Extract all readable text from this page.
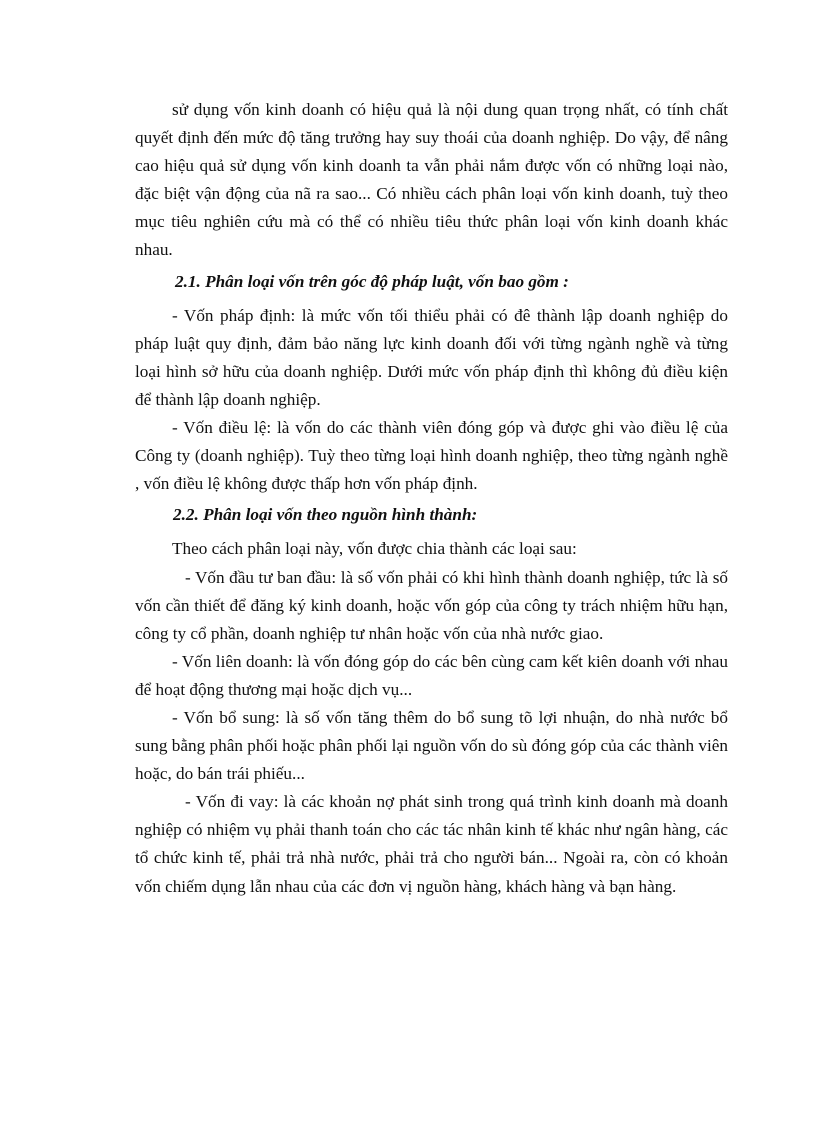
sử dụng vốn kinh doanh có hiệu quả là nội dung quan trọng nhất, có tính chất quyết định đến mức độ tăng trưởng hay suy thoái của doanh nghiệp. Do vậy, để nâng cao hiệu quả sử dụng vốn kinh doanh ta vẫn phải nắm được vốn có những loại nào, đặc biệt vận động của nã ra sao... Có nhiều cách phân loại vốn kinh doanh, tuỳ theo mục tiêu nghiên cứu mà có thể có nhiều tiêu thức phân loại vốn kinh doanh khác nhau.

2.1. Phân loại vốn trên góc độ pháp luật, vốn bao gồm :

- Vốn pháp định: là mức vốn tối thiểu phải có đê thành lập doanh nghiệp do pháp luật quy định, đảm bảo năng lực kinh doanh đối với từng ngành nghề và từng loại hình sở hữu của doanh nghiệp. Dưới mức vốn pháp định thì không đủ điều kiện để thành lập doanh nghiệp.

- Vốn điều lệ: là vốn do các thành viên đóng góp và được ghi vào điều lệ của Công ty (doanh nghiệp). Tuỳ theo từng loại hình doanh nghiệp, theo từng ngành nghề , vốn điều lệ không được thấp hơn vốn pháp định.

2.2. Phân loại vốn theo nguồn hình thành:

Theo cách phân loại này, vốn được chia thành các loại sau:

- Vốn đầu tư ban đầu: là số vốn phải có khi hình thành doanh nghiệp, tức là số vốn cần thiết để đăng ký kinh doanh, hoặc vốn góp của công ty trách nhiệm hữu hạn, công ty cổ phần, doanh nghiệp tư nhân hoặc vốn của nhà nước giao.

- Vốn liên doanh: là vốn đóng góp do các bên cùng cam kết kiên doanh với nhau để hoạt động thương mại hoặc dịch vụ...

- Vốn bổ sung: là số vốn tăng thêm do bổ sung tõ lợi nhuận, do nhà nước bổ sung bằng phân phối hoặc phân phối lại nguồn vốn do sù đóng góp của các thành viên hoặc, do bán trái phiếu...

- Vốn đi vay: là các khoản nợ phát sinh trong quá trình kinh doanh mà doanh nghiệp có nhiệm vụ phải thanh toán cho các tác nhân kinh tế khác như ngân hàng, các tổ chức kinh tế, phải trả nhà nước, phải trả cho người bán... Ngoài ra, còn có khoản vốn chiếm dụng lẫn nhau của các đơn vị nguồn hàng, khách hàng và bạn hàng.
